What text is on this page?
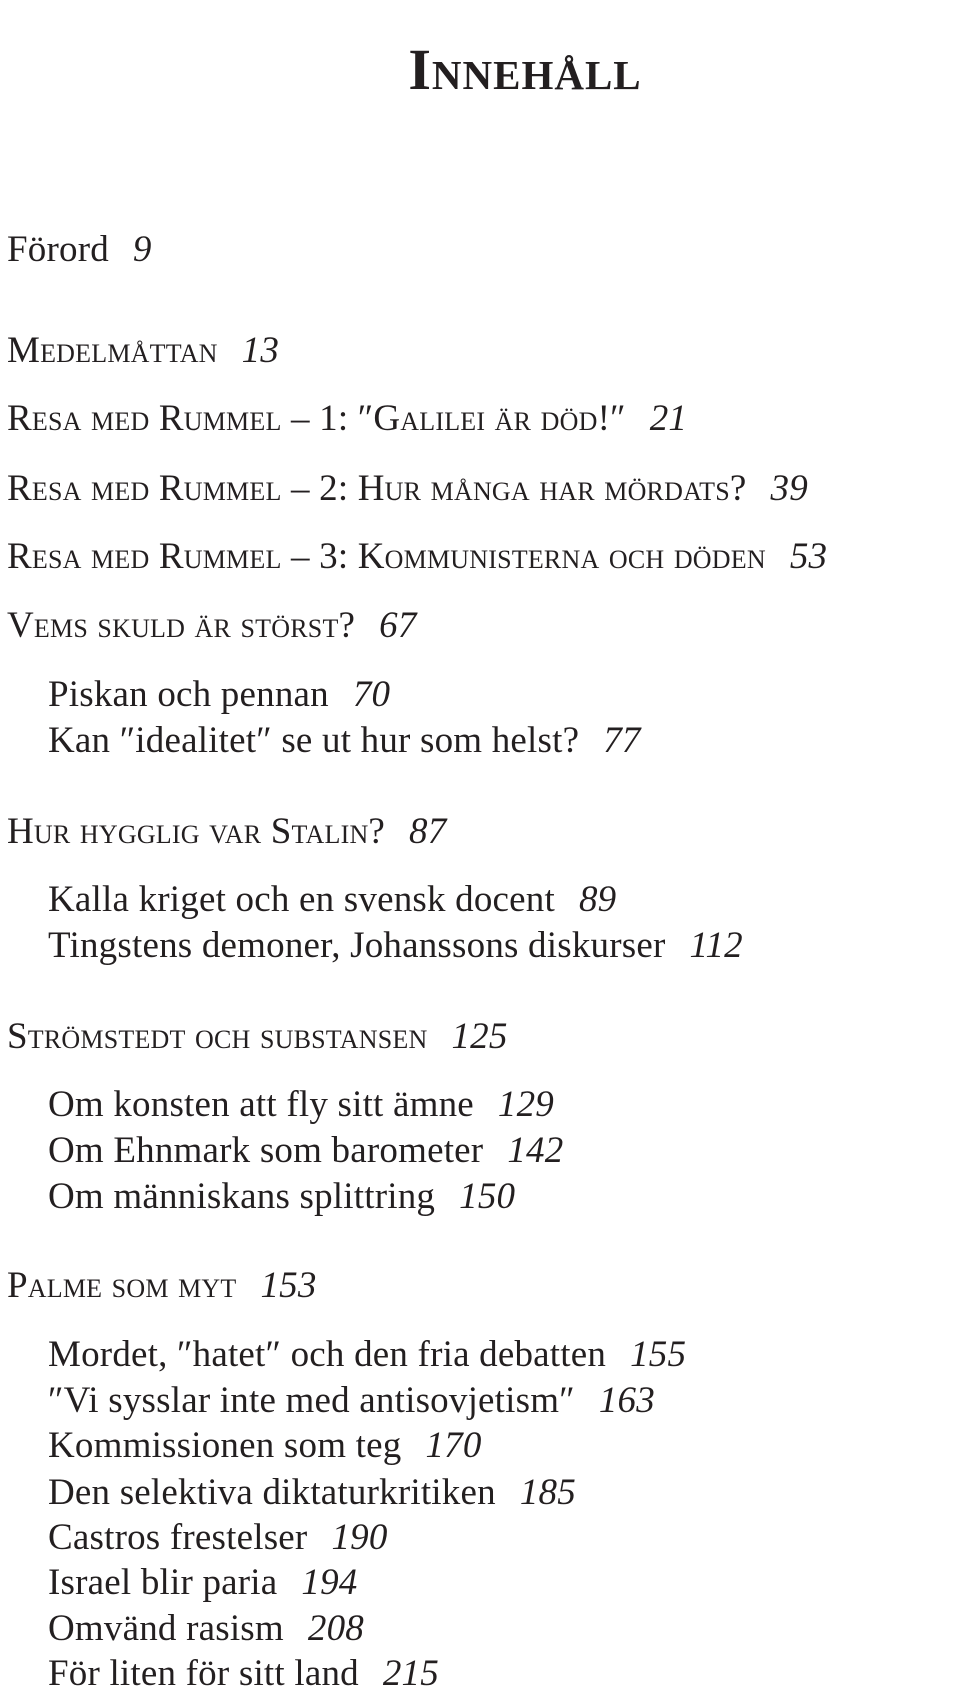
Innehåll
Förord 9
Medelmåttan 13
Resa med Rummel – 1: ″Galilei är död!″ 21
Resa med Rummel – 2: Hur många har mördats? 39
Resa med Rummel – 3: Kommunisterna och döden 53
Vems skuld är störst? 67
Piskan och pennan 70
Kan ″idealitet″ se ut hur som helst? 77
Hur hygglig var Stalin? 87
Kalla kriget och en svensk docent 89
Tingstens demoner, Johanssons diskurser 112
Strömstedt och substansen 125
Om konsten att fly sitt ämne 129
Om Ehnmark som barometer 142
Om människans splittring 150
Palme som myt 153
Mordet, ″hatet″ och den fria debatten 155
″Vi sysslar inte med antisovjetism″ 163
Kommissionen som teg 170
Den selektiva diktaturkritiken 185
Castros frestelser 190
Israel blir paria 194
Omvänd rasism 208
För liten för sitt land 215
